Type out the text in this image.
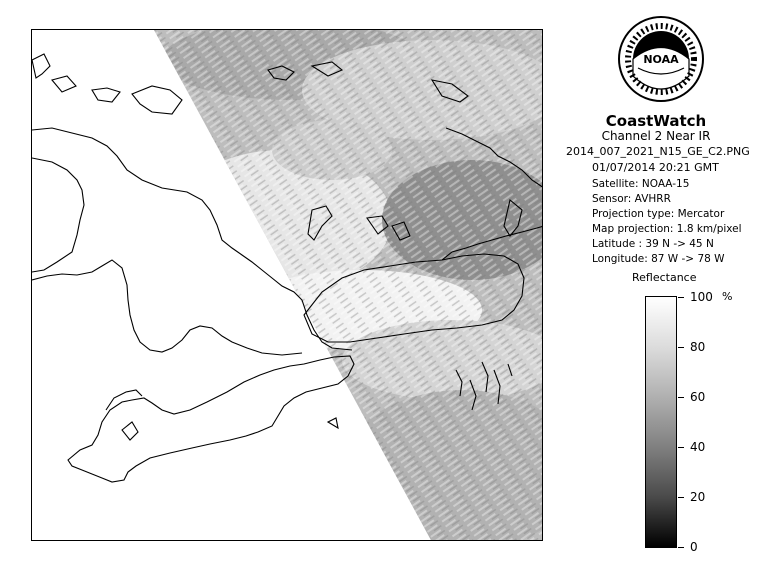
NOAA
CoastWatch
Channel 2 Near IR
2014_007_2021_N15_GE_C2.PNG
01/07/2014 20:21 GMT
Satellite: NOAA-15
Sensor: AVHRR
Projection type: Mercator
Map projection: 1.8 km/pixel
Latitude : 39 N -> 45 N
Longitude: 87 W -> 78 W
Reflectance
%
100
80
60
40
20
0
